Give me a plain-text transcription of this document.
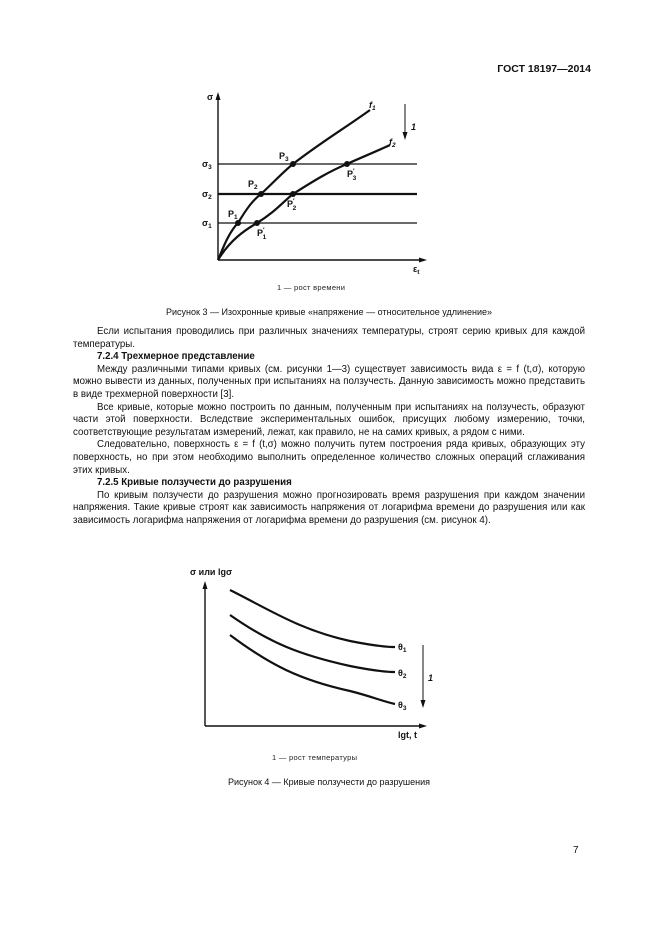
ГОСТ 18197—2014
σ
$\varepsilon_t$
$\sigma_3$
$\sigma_2$
$\sigma_1$
$f_1$
$f_2$
$P_1$
$P_2$
$P_3$
P′ 1
P′ 2
P′ 3
1
1 — рост времени
Рисунок 3 — Изохронные кривые «напряжение — относительное удлинение»

Если испытания проводились при различных значениях температуры, строят серию кривых для каждой температуры.

7.2.4 Трехмерное представление

Между различными типами кривых (см. рисунки 1—3) существует зависимость вида ε = f (t,σ), которую можно вывести из данных, полученных при испытаниях на ползучесть. Данную зависимость можно представить в виде трехмерной поверхности [3].

Все кривые, которые можно построить по данным, полученным при испытаниях на ползучесть, образуют части этой поверхности. Вследствие экспериментальных ошибок, присущих любому измерению, точки, соответствующие результатам измерений, лежат, как правило, не на самих кривых, а рядом с ними.

Следовательно, поверхность ε = f (t,σ) можно получить путем построения ряда кривых, образующих эту поверхность, но при этом необходимо выполнить определенное количество сложных операций сглаживания этих кривых.

7.2.5 Кривые ползучести до разрушения

По кривым ползучести до разрушения можно прогнозировать время разрушения при каждом значении напряжения. Такие кривые строят как зависимость напряжения от логарифма времени до разрушения или как зависимость логарифма напряжения от логарифма времени до разрушения (см. рисунок 4).

σ или lgσ
lgt, t
$\theta_1$
$\theta_2$
$\theta_3$
1
1 — рост температуры
Рисунок 4 — Кривые ползучести до разрушения
7
